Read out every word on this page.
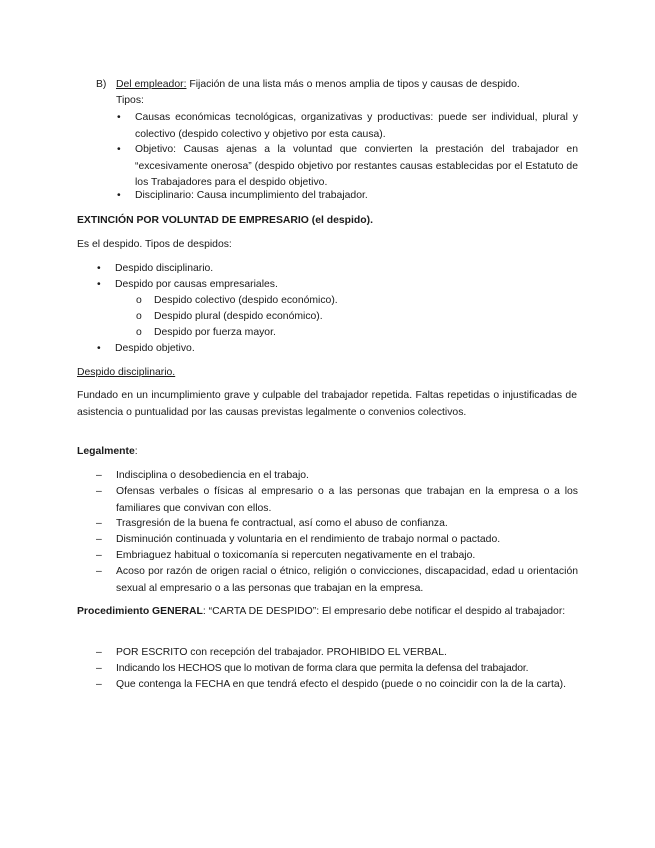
B) Del empleador: Fijación de una lista más o menos amplia de tipos y causas de despido.
Tipos:
•	Causas económicas tecnológicas, organizativas y productivas: puede ser individual, plural y colectivo (despido colectivo y objetivo por esta causa).
•	Objetivo: Causas ajenas a la voluntad que convierten la prestación del trabajador en “excesivamente onerosa” (despido objetivo por restantes causas establecidas por el Estatuto de los Trabajadores para el despido objetivo.
•	Disciplinario: Causa incumplimiento del trabajador.
EXTINCIÓN POR VOLUNTAD DE EMPRESARIO (el despido).
Es el despido. Tipos de despidos:
•	Despido disciplinario.
•	Despido por causas empresariales.
o	Despido colectivo (despido económico).
o	Despido plural (despido económico).
o	Despido por fuerza mayor.
•	Despido objetivo.
Despido disciplinario.
Fundado en un incumplimiento grave y culpable del trabajador repetida. Faltas repetidas o injustificadas de asistencia o puntualidad por las causas previstas legalmente o convenios colectivos.
Legalmente:
–	Indisciplina o desobediencia en el trabajo.
–	Ofensas verbales o físicas al empresario o a las personas que trabajan en la empresa o a los familiares que convivan con ellos.
–	Trasgresión de la buena fe contractual, así como el abuso de confianza.
–	Disminución continuada y voluntaria en el rendimiento de trabajo normal o pactado.
–	Embriaguez habitual o toxicomanía si repercuten negativamente en el trabajo.
–	Acoso por razón de origen racial o étnico, religión o convicciones, discapacidad, edad u orientación sexual al empresario o a las personas que trabajan en la empresa.
Procedimiento GENERAL: “CARTA DE DESPIDO”: El empresario debe notificar el despido al trabajador:
–	POR ESCRITO con recepción del trabajador. PROHIBIDO EL VERBAL.
–	Indicando los HECHOS que lo motivan de forma clara que permita la defensa del trabajador.
–	Que contenga la FECHA en que tendrá efecto el despido (puede o no coincidir con la de la carta).
